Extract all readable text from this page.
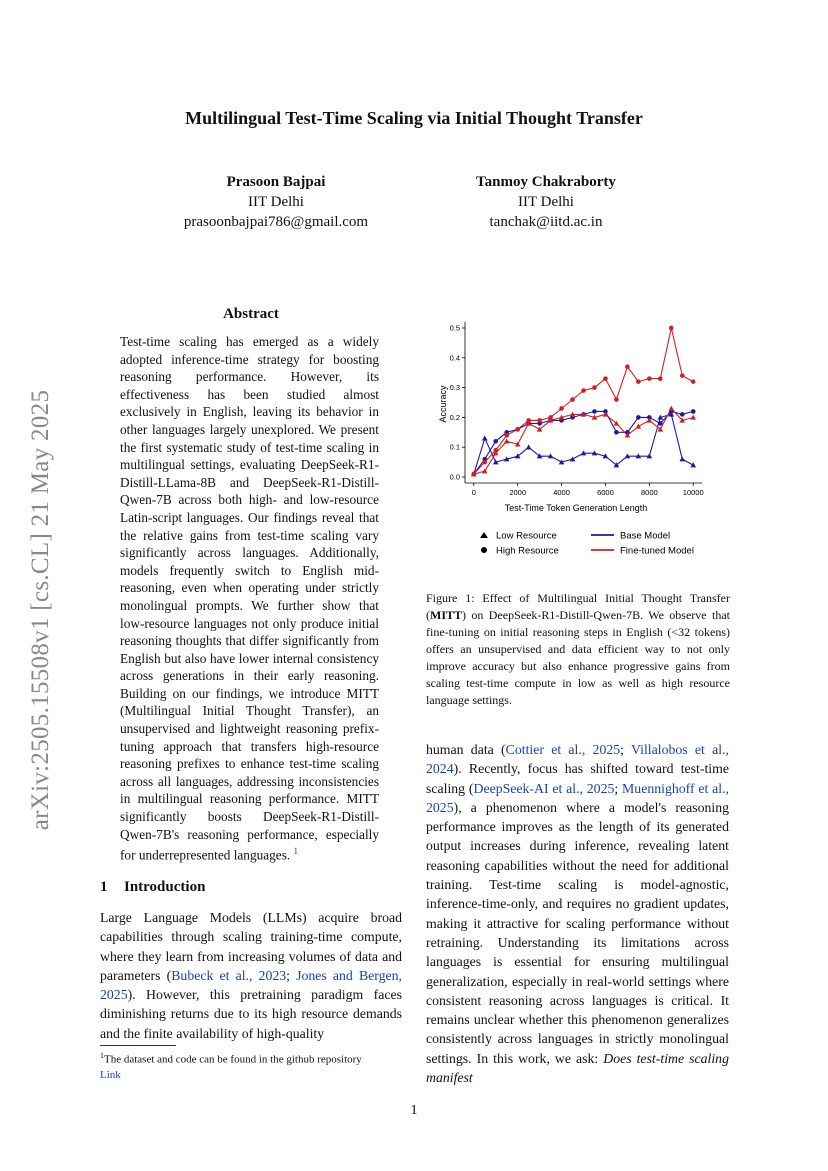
arXiv:2505.15508v1 [cs.CL] 21 May 2025
Multilingual Test-Time Scaling via Initial Thought Transfer
Prasoon Bajpai
IIT Delhi
prasoonbajpai786@gmail.com
Tanmoy Chakraborty
IIT Delhi
tanchak@iitd.ac.in
Abstract
Test-time scaling has emerged as a widely adopted inference-time strategy for boosting reasoning performance. However, its effectiveness has been studied almost exclusively in English, leaving its behavior in other languages largely unexplored. We present the first systematic study of test-time scaling in multilingual settings, evaluating DeepSeek-R1-Distill-LLama-8B and DeepSeek-R1-Distill-Qwen-7B across both high- and low-resource Latin-script languages. Our findings reveal that the relative gains from test-time scaling vary significantly across languages. Additionally, models frequently switch to English mid-reasoning, even when operating under strictly monolingual prompts. We further show that low-resource languages not only produce initial reasoning thoughts that differ significantly from English but also have lower internal consistency across generations in their early reasoning. Building on our findings, we introduce MITT (Multilingual Initial Thought Transfer), an unsupervised and lightweight reasoning prefix-tuning approach that transfers high-resource reasoning prefixes to enhance test-time scaling across all languages, addressing inconsistencies in multilingual reasoning performance. MITT significantly boosts DeepSeek-R1-Distill-Qwen-7B's reasoning performance, especially for underrepresented languages. $^1$
1 Introduction
Large Language Models (LLMs) acquire broad capabilities through scaling training-time compute, where they learn from increasing volumes of data and parameters (Bubeck et al., 2023; Jones and Bergen, 2025). However, this pretraining paradigm faces diminishing returns due to its high resource demands and the finite availability of high-quality
human data (Cottier et al., 2025; Villalobos et al., 2024). Recently, focus has shifted toward test-time scaling (DeepSeek-AI et al., 2025; Muennighoff et al., 2025), a phenomenon where a model's reasoning performance improves as the length of its generated output increases during inference, revealing latent reasoning capabilities without the need for additional training. Test-time scaling is model-agnostic, inference-time-only, and requires no gradient updates, making it attractive for scaling performance without retraining. Understanding its limitations across languages is essential for ensuring multilingual generalization, especially in real-world settings where consistent reasoning across languages is critical. It remains unclear whether this phenomenon generalizes consistently across languages in strictly monolingual settings. In this work, we ask: Does test-time scaling manifest
$^1$The dataset and code can be found in the github repository
Link
1
0	2000	4000	6000	8000	10000
0.0
0.1
0.2
0.3
0.4
0.5
Test-Time Token Generation Length
Accuracy
Low Resource
High Resource
Base Model
Fine-tuned Model
Figure 1: Effect of Multilingual Initial Thought Transfer (MITT) on DeepSeek-R1-Distill-Qwen-7B. We observe that fine-tuning on initial reasoning steps in English (<32 tokens) offers an unsupervised and data efficient way to not only improve accuracy but also enhance progressive gains from scaling test-time compute in low as well as high resource language settings.
